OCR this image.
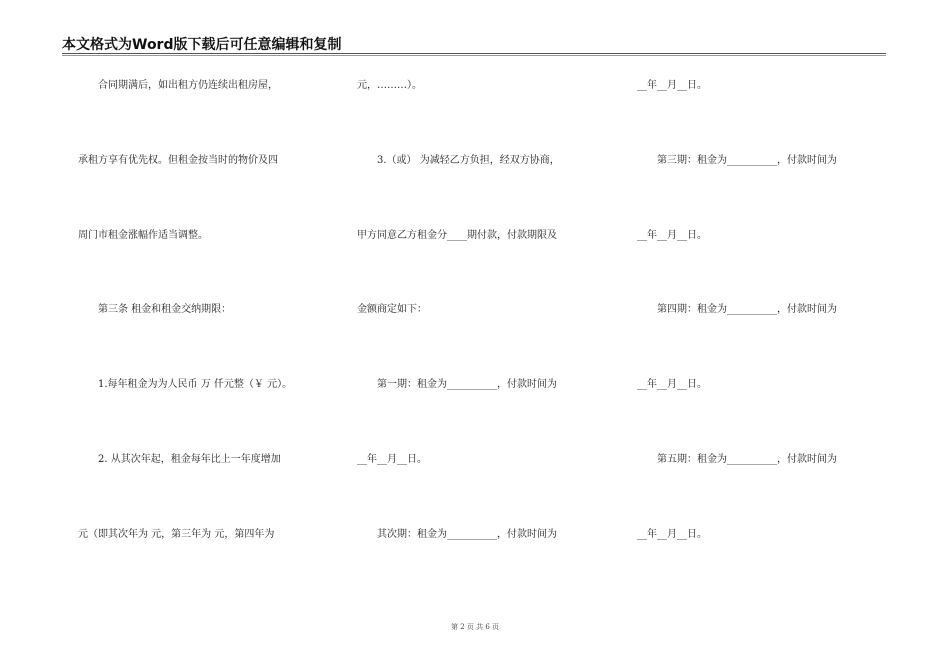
本文格式为Word版下载后可任意编辑和复制
　　合同期满后，如出租方仍连续出租房屋，
承租方享有优先权。但租金按当时的物价及四
周门市租金涨幅作适当调整。
　　第三条 租金和租金交纳期限：
　　1.每年租金为为人民币 万 仟元整（￥ 元）。
　　2. 从其次年起，租金每年比上一年度增加
元（即其次年为 元，第三年为 元，第四年为
元，………）。
　　3.（或） 为减轻乙方负担，经双方协商，
甲方同意乙方租金分____期付款，付款期限及
金额商定如下：
　　第一期：租金为__________，付款时间为
__年__月__日。
　　其次期：租金为__________，付款时间为
__年__月__日。
　　第三期：租金为__________，付款时间为
__年__月__日。
　　第四期：租金为__________，付款时间为
__年__月__日。
　　第五期：租金为__________，付款时间为
__年__月__日。
第 2 页 共 6 页
